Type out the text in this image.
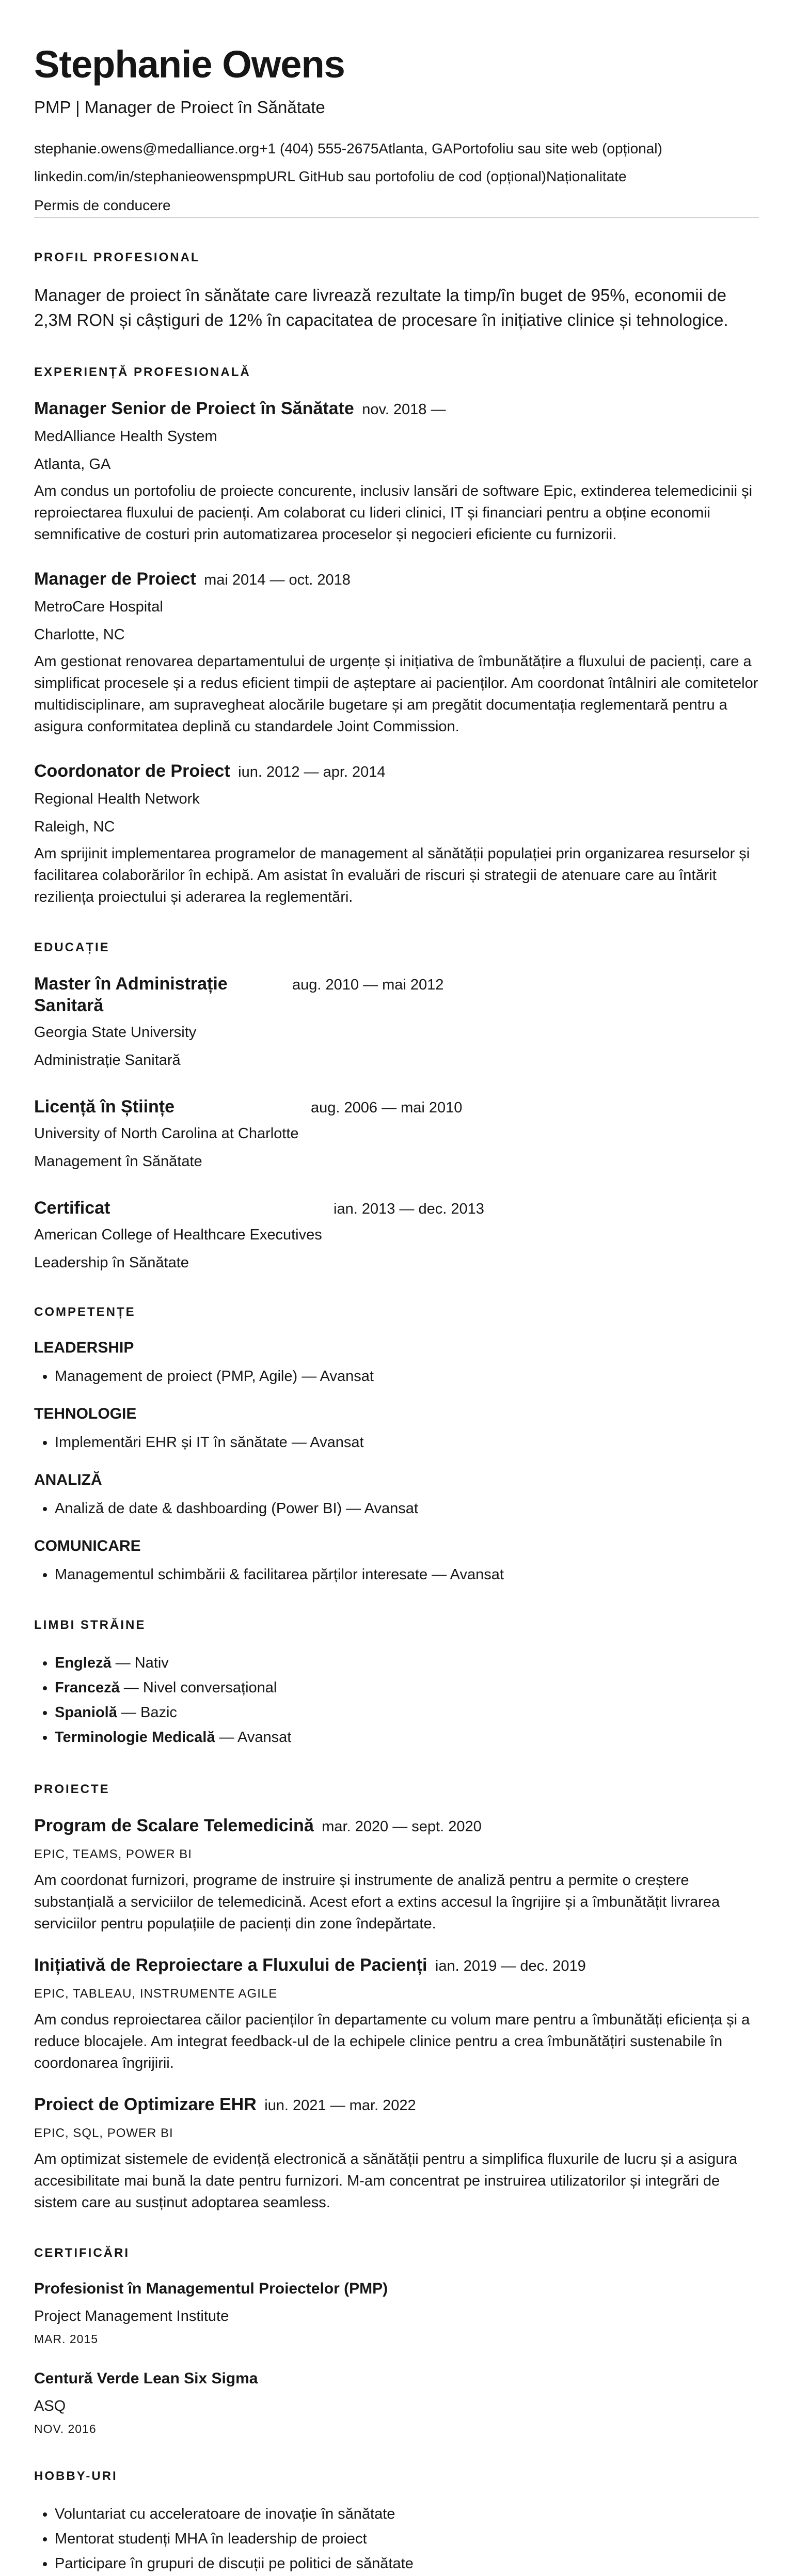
Stephanie Owens
PMP | Manager de Proiect în Sănătate
stephanie.owens@medalliance.org+1 (404) 555-2675Atlanta, GAPortofoliu sau site web (opțional)
linkedin.com/in/stephanieowenspmpURL GitHub sau portofoliu de cod (opțional)Naționalitate
Permis de conducere
PROFIL PROFESIONAL

Manager de proiect în sănătate care livrează rezultate la timp/în buget de 95%, economii de 2,3M RON și câștiguri de 12% în capacitatea de procesare în inițiative clinice și tehnologice.

EXPERIENȚĂ PROFESIONALĂ
Manager Senior de Proiect în Sănătate nov. 2018 —
MedAlliance Health System
Atlanta, GA
Am condus un portofoliu de proiecte concurente, inclusiv lansări de software Epic, extinderea telemedicinii și reproiectarea fluxului de pacienți. Am colaborat cu lideri clinici, IT și financiari pentru a obține economii semnificative de costuri prin automatizarea proceselor și negocieri eficiente cu furnizorii.
Manager de Proiect mai 2014 — oct. 2018
MetroCare Hospital
Charlotte, NC
Am gestionat renovarea departamentului de urgențe și inițiativa de îmbunătățire a fluxului de pacienți, care a simplificat procesele și a redus eficient timpii de așteptare ai pacienților. Am coordonat întâlniri ale comitetelor multidisciplinare, am supravegheat alocările bugetare și am pregătit documentația reglementară pentru a asigura conformitatea deplină cu standardele Joint Commission.
Coordonator de Proiect iun. 2012 — apr. 2014
Regional Health Network
Raleigh, NC
Am sprijinit implementarea programelor de management al sănătății populației prin organizarea resurselor și facilitarea colaborărilor în echipă. Am asistat în evaluări de riscuri și strategii de atenuare care au întărit reziliența proiectului și aderarea la reglementări.
EDUCAȚIE
Master în Administrație Sanitară
aug. 2010 — mai 2012
Georgia State University
Administrație Sanitară
Licență în Științe	aug. 2006 — mai 2010
University of North Carolina at Charlotte
Management în Sănătate
Certificat	ian. 2013 — dec. 2013
American College of Healthcare Executives
Leadership în Sănătate
COMPETENȚE
LEADERSHIP
• Management de proiect (PMP, Agile) — Avansat
TEHNOLOGIE
• Implementări EHR și IT în sănătate — Avansat
ANALIZĂ
• Analiză de date & dashboarding (Power BI) — Avansat
COMUNICARE
• Managementul schimbării & facilitarea părților interesate — Avansat
LIMBI STRĂINE
• Engleză — Nativ
• Franceză — Nivel conversațional
• Spaniolă — Bazic
• Terminologie Medicală — Avansat
PROIECTE
Program de Scalare Telemedicină mar. 2020 — sept. 2020
EPIC, TEAMS, POWER BI
Am coordonat furnizori, programe de instruire și instrumente de analiză pentru a permite o creștere substanțială a serviciilor de telemedicină. Acest efort a extins accesul la îngrijire și a îmbunătățit livrarea serviciilor pentru populațiile de pacienți din zone îndepărtate.
Inițiativă de Reproiectare a Fluxului de Pacienți ian. 2019 — dec. 2019
EPIC, TABLEAU, INSTRUMENTE AGILE
Am condus reproiectarea căilor pacienților în departamente cu volum mare pentru a îmbunătăți eficiența și a reduce blocajele. Am integrat feedback-ul de la echipele clinice pentru a crea îmbunătățiri sustenabile în coordonarea îngrijirii.
Proiect de Optimizare EHR iun. 2021 — mar. 2022
EPIC, SQL, POWER BI
Am optimizat sistemele de evidență electronică a sănătății pentru a simplifica fluxurile de lucru și a asigura accesibilitate mai bună la date pentru furnizori. M-am concentrat pe instruirea utilizatorilor și integrări de sistem care au susținut adoptarea seamless.
CERTIFICĂRI
Profesionist în Managementul Proiectelor (PMP)
Project Management Institute
MAR. 2015
Centură Verde Lean Six Sigma
ASQ
NOV. 2016
HOBBY-URI
• Voluntariat cu acceleratoare de inovație în sănătate
• Mentorat studenți MHA în leadership de proiect
• Participare în grupuri de discuții pe politici de sănătate
